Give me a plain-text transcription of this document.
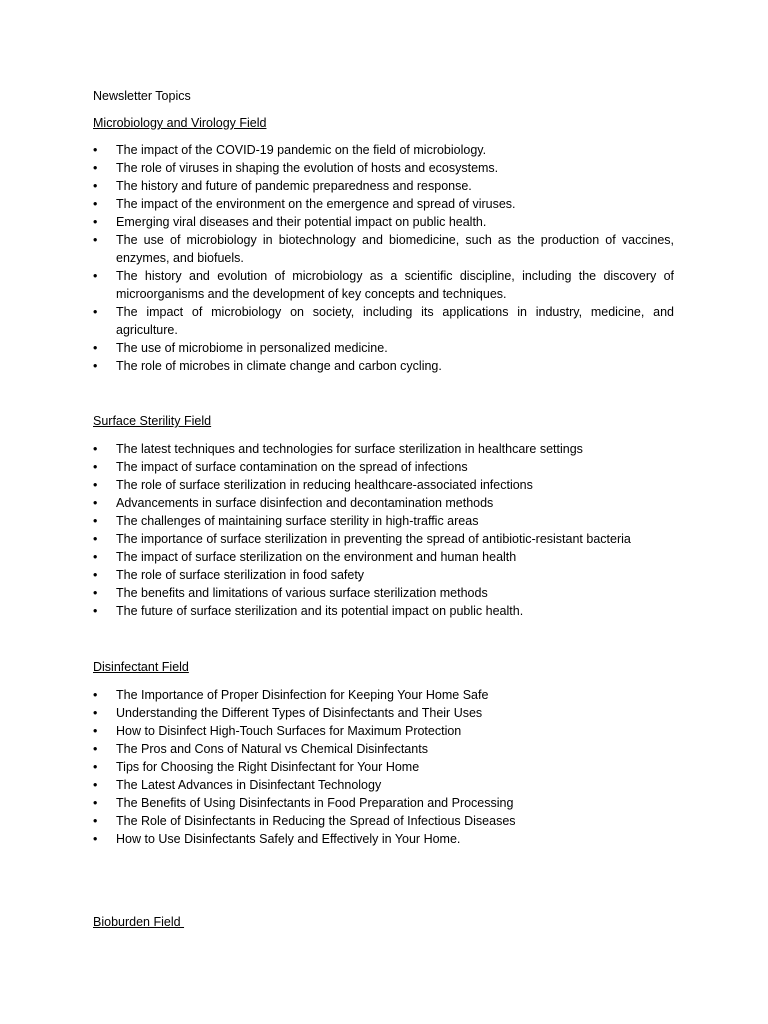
Newsletter Topics

Microbiology and Virology Field

•	The impact of the COVID-19 pandemic on the field of microbiology.
•	The role of viruses in shaping the evolution of hosts and ecosystems.
•	The history and future of pandemic preparedness and response.
•	The impact of the environment on the emergence and spread of viruses.
•	Emerging viral diseases and their potential impact on public health.
•	The use of microbiology in biotechnology and biomedicine, such as the production of vaccines, enzymes, and biofuels.
•	The history and evolution of microbiology as a scientific discipline, including the discovery of microorganisms and the development of key concepts and techniques.
•	The impact of microbiology on society, including its applications in industry, medicine, and agriculture.
•	The use of microbiome in personalized medicine.
•	The role of microbes in climate change and carbon cycling.

Surface Sterility Field

•	The latest techniques and technologies for surface sterilization in healthcare settings
•	The impact of surface contamination on the spread of infections
•	The role of surface sterilization in reducing healthcare-associated infections
•	Advancements in surface disinfection and decontamination methods
•	The challenges of maintaining surface sterility in high-traffic areas
•	The importance of surface sterilization in preventing the spread of antibiotic-resistant bacteria
•	The impact of surface sterilization on the environment and human health
•	The role of surface sterilization in food safety
•	The benefits and limitations of various surface sterilization methods
•	The future of surface sterilization and its potential impact on public health.

Disinfectant Field

•	The Importance of Proper Disinfection for Keeping Your Home Safe
•	Understanding the Different Types of Disinfectants and Their Uses
•	How to Disinfect High-Touch Surfaces for Maximum Protection
•	The Pros and Cons of Natural vs Chemical Disinfectants
•	Tips for Choosing the Right Disinfectant for Your Home
•	The Latest Advances in Disinfectant Technology
•	The Benefits of Using Disinfectants in Food Preparation and Processing
•	The Role of Disinfectants in Reducing the Spread of Infectious Diseases
•	How to Use Disinfectants Safely and Effectively in Your Home.

Bioburden Field
